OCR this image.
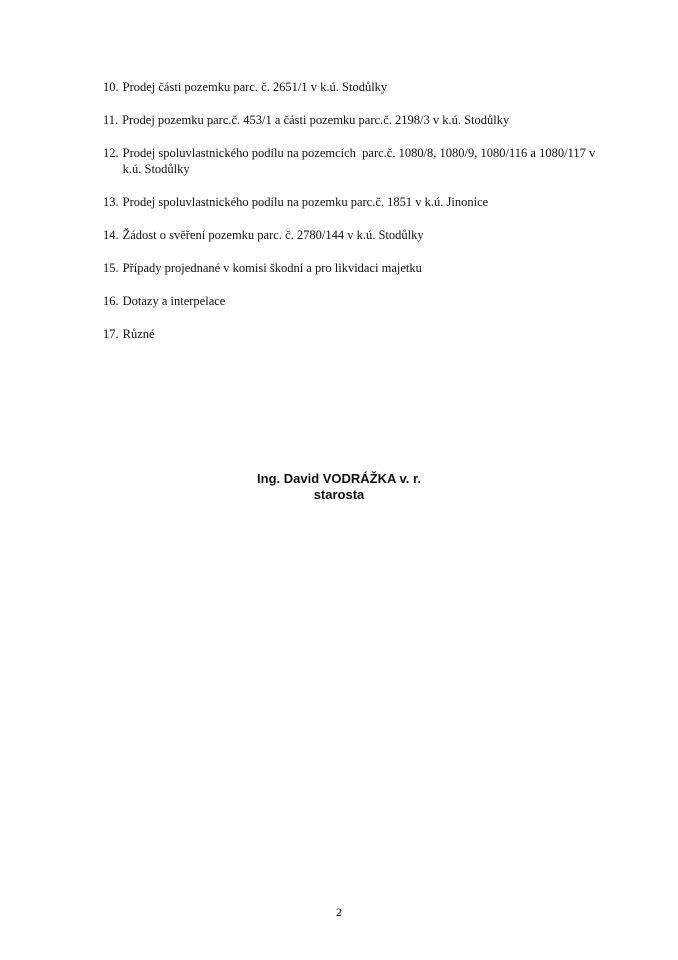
10. Prodej části pozemku parc. č. 2651/1 v k.ú. Stodůlky
11. Prodej pozemku parc.č. 453/1 a části pozemku parc.č. 2198/3 v k.ú. Stodůlky
12. Prodej spoluvlastnického podílu na pozemcích  parc.č. 1080/8, 1080/9, 1080/116 a 1080/117 v k.ú. Stodůlky
13. Prodej spoluvlastnického podílu na pozemku parc.č. 1851 v k.ú. Jinonice
14. Žádost o svěření pozemku parc. č. 2780/144 v k.ú. Stodůlky
15. Případy projednané v komisi škodní a pro likvidaci majetku
16. Dotazy a interpelace
17. Různé
Ing. David VODRÁŽKA v. r.
starosta
2
